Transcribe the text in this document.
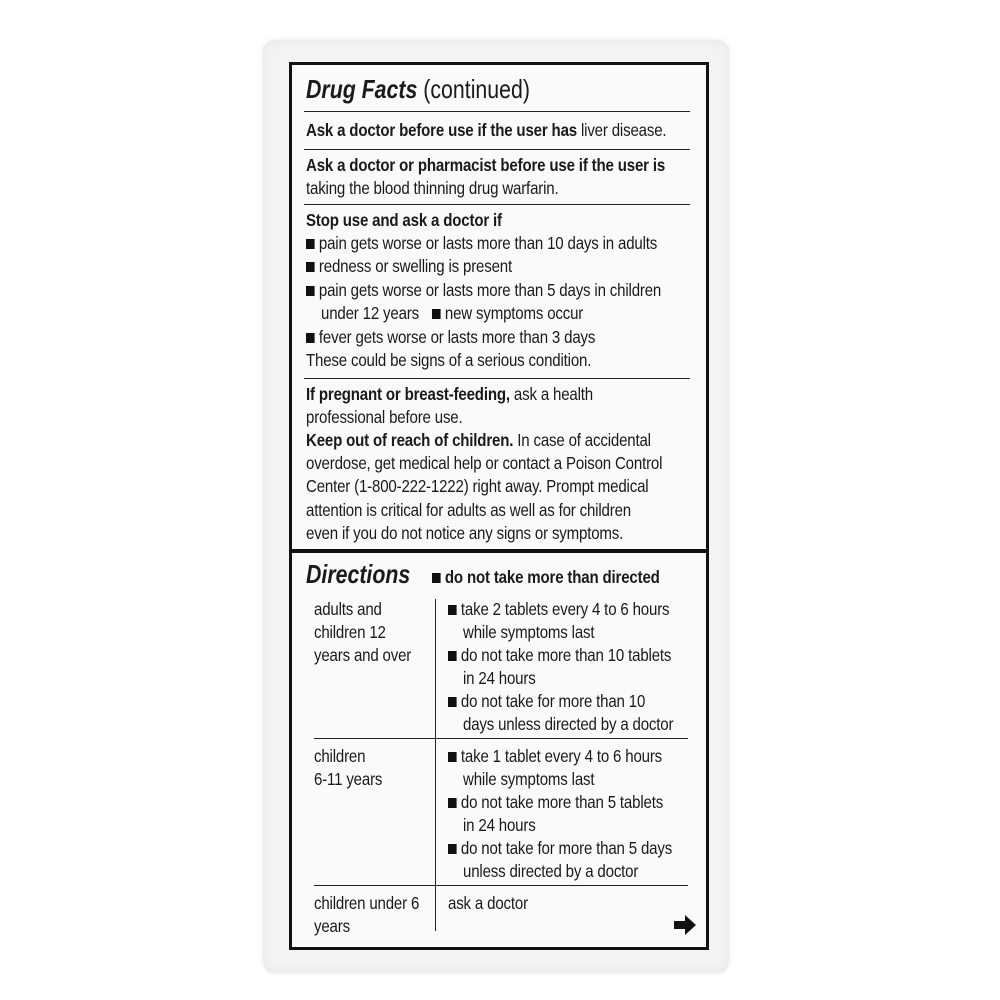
Drug Facts (continued)
Ask a doctor before use if the user has liver disease.
Ask a doctor or pharmacist before use if the user is
taking the blood thinning drug warfarin.
Stop use and ask a doctor if
pain gets worse or lasts more than 10 days in adults
redness or swelling is present
pain gets worse or lasts more than 5 days in children
under 12 years	new symptoms occur
fever gets worse or lasts more than 3 days
These could be signs of a serious condition.
If pregnant or breast-feeding, ask a health
professional before use.
Keep out of reach of children. In case of accidental
overdose, get medical help or contact a Poison Control
Center (1-800-222-1222) right away. Prompt medical
attention is critical for adults as well as for children
even if you do not notice any signs or symptoms.
Directions	do not take more than directed
adults and
children 12
years and over
take 2 tablets every 4 to 6 hours
while symptoms last
do not take more than 10 tablets
in 24 hours
do not take for more than 10
days unless directed by a doctor
children
6-11 years
take 1 tablet every 4 to 6 hours
while symptoms last
do not take more than 5 tablets
in 24 hours
do not take for more than 5 days
unless directed by a doctor
children under 6
years
ask a doctor
